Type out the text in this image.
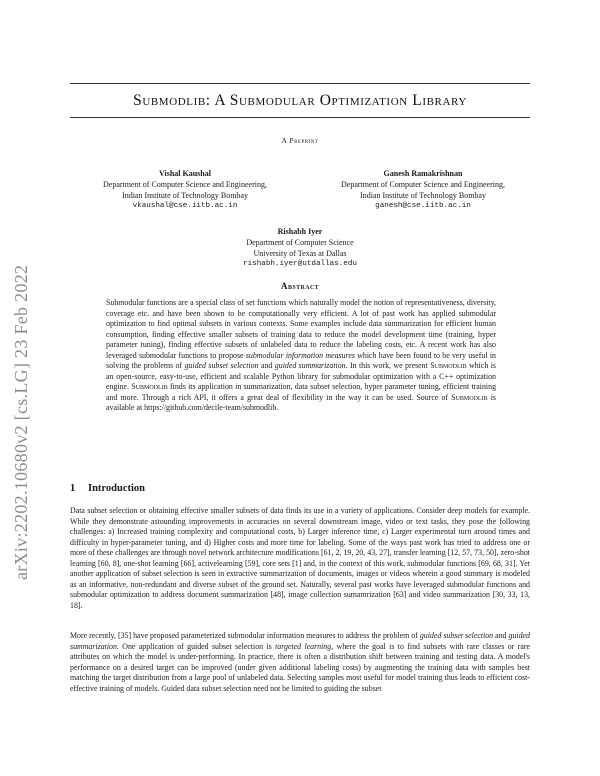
arXiv:2202.10680v2 [cs.LG] 23 Feb 2022
Submodlib: A Submodular Optimization Library
A Preprint
Vishal Kaushal
Department of Computer Science and Engineering,
Indian Institute of Technology Bombay
vkaushal@cse.iitb.ac.in
Ganesh Ramakrishnan
Department of Computer Science and Engineering,
Indian Institute of Technology Bombay
ganesh@cse.iitb.ac.in
Rishabh Iyer
Department of Computer Science
University of Texas at Dallas
rishabh.iyer@utdallas.edu
Abstract
Submodular functions are a special class of set functions which naturally model the notion of representativeness, diversity, coverage etc. and have been shown to be computationally very efficient. A lot of past work has applied submodular optimization to find optimal subsets in various contexts. Some examples include data summarization for efficient human consumption, finding effective smaller subsets of training data to reduce the model development time (training, hyper parameter tuning), finding effective subsets of unlabeled data to reduce the labeling costs, etc. A recent work has also leveraged submodular functions to propose submodular information measures which have been found to be very useful in solving the problems of guided subset selection and guided summarization. In this work, we present Submodlib which is an open-source, easy-to-use, efficient and scalable Python library for submodular optimization with a C++ optimization engine. Submodlib finds its application in summarization, data subset selection, hyper parameter tuning, efficient training and more. Through a rich API, it offers a great deal of flexibility in the way it can be used. Source of Submodlib is available at https://github.com/decile-team/submodlib.
1 Introduction
Data subset selection or obtaining effective smaller subsets of data finds its use in a variety of applications. Consider deep models for example. While they demonstrate astounding improvements in accuracies on several downstream image, video or text tasks, they pose the following challenges: a) Increased training complexity and computational costs, b) Larger inference time, c) Larger experimental turn around times and difficulty in hyper-parameter tuning, and d) Higher costs and more time for labeling. Some of the ways past work has tried to address one or more of these challenges are through novel network architecture modifications [61, 2, 19, 20, 43, 27], transfer learning [12, 57, 73, 50], zero-shot learning [60, 8], one-shot learning [66], activelearning [59], core sets [1] and, in the context of this work, submodular functions [69, 68, 31]. Yet another application of subset selection is seen in extractive summarization of documents, images or videos wherein a good summary is modeled as an informative, non-redundant and diverse subset of the ground set. Naturally, several past works have leveraged submodular functions and submodular optimization to address document summarization [48], image collection sumamrization [63] and video summarization [30, 33, 13, 18].
More recently, [35] have proposed parameterized submodular information measures to address the problem of guided subset selection and guided summarization. One application of guided subset selection is targeted learning, where the goal is to find subsets with rare classes or rare attributes on which the model is under-performing. In practice, there is often a distribution shift between training and testing data. A model's performance on a desired target can be improved (under given additional labeling costs) by augmenting the training data with samples best matching the target distribution from a large pool of unlabeled data. Selecting samples most useful for model training thus leads to efficient cost-effective training of models. Guided data subset selection need not be limited to guiding the subset
